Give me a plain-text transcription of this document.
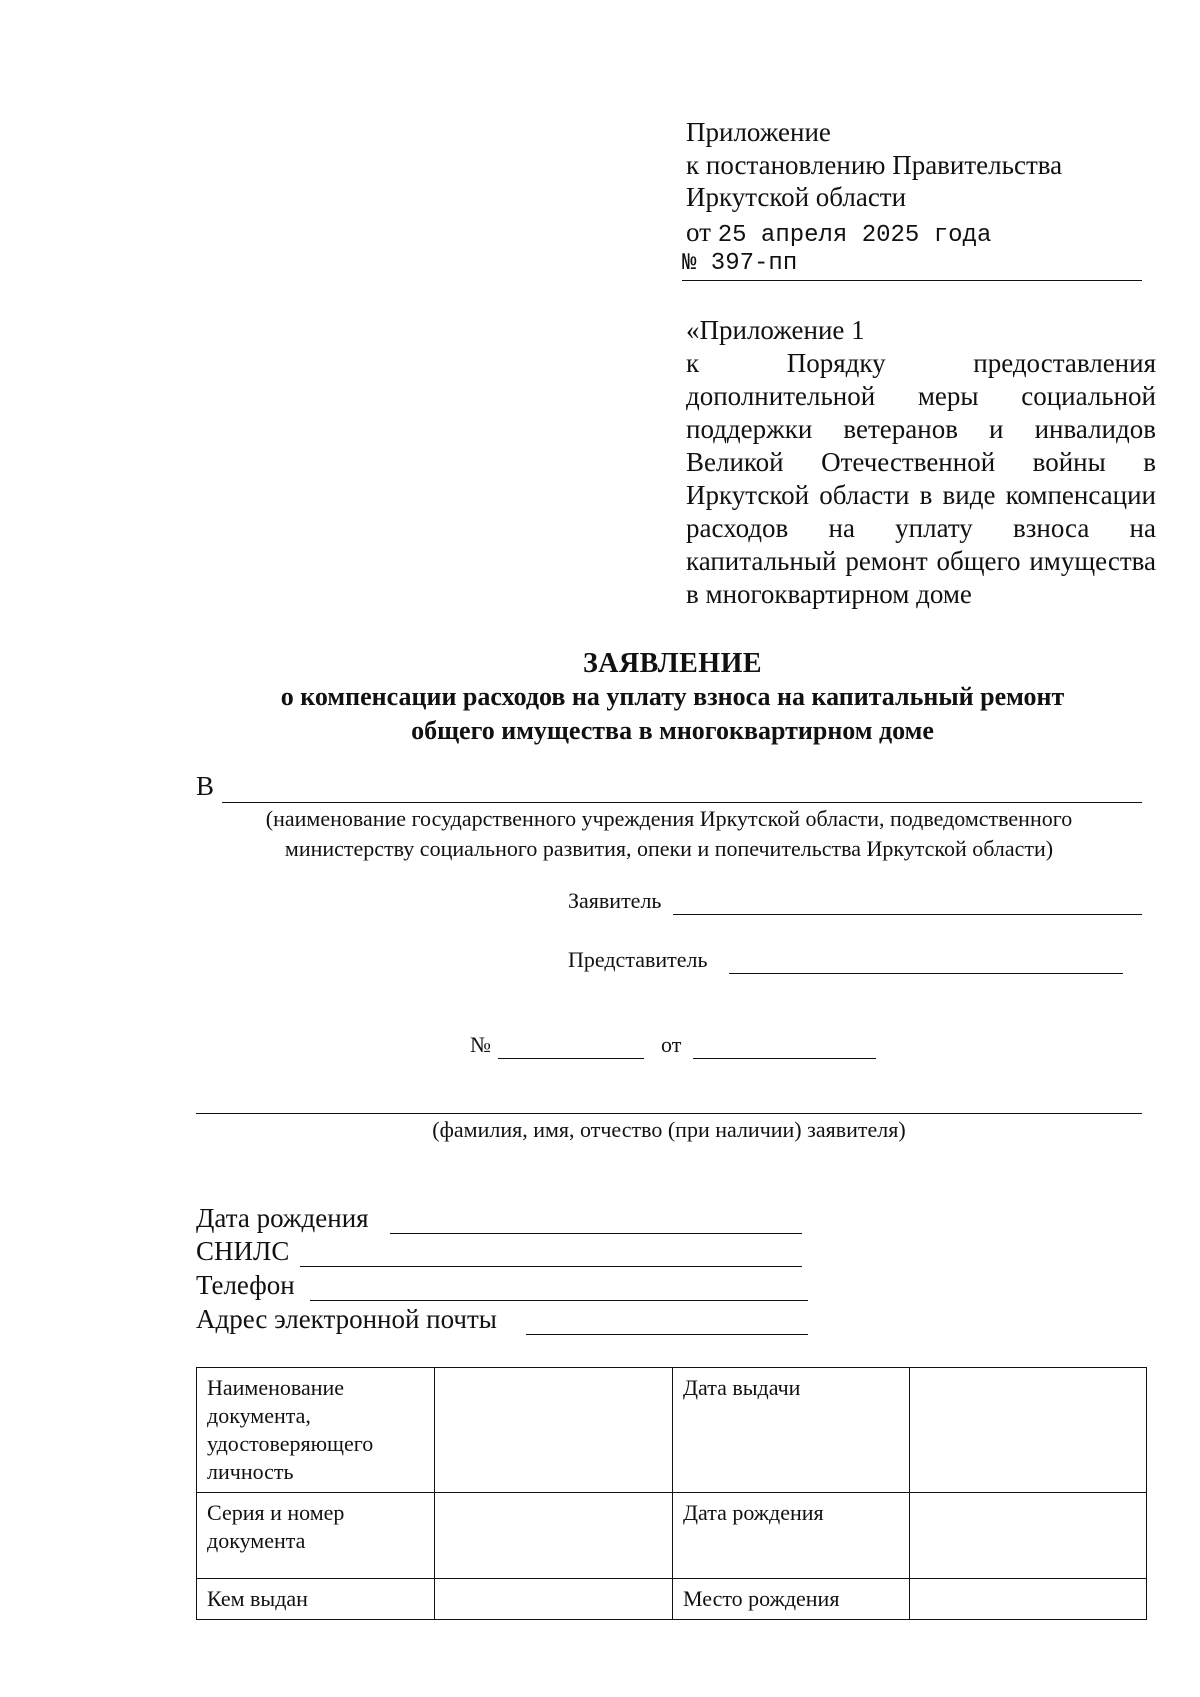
Приложение
к постановлению Правительства
Иркутской области
от 25 апреля 2025 года
№ 397-пп
«Приложение 1
к Порядку предоставления дополнительной меры социальной поддержки ветеранов и инвалидов Великой Отечественной войны в Иркутской области в виде компенсации расходов на уплату взноса на капитальный ремонт общего имущества в многоквартирном доме
ЗАЯВЛЕНИЕ
о компенсации расходов на уплату взноса на капитальный ремонт
общего имущества в многоквартирном доме
В
(наименование государственного учреждения Иркутской области, подведомственного
министерству социального развития, опеки и попечительства Иркутской области)
Заявитель
Представитель
№	от
(фамилия, имя, отчество (при наличии) заявителя)
Дата рождения
СНИЛС
Телефон
Адрес электронной почты
Наименование документа, удостоверяющего личность		Дата выдачи	
Серия и номер документа		Дата рождения	
Кем выдан		Место рождения	
